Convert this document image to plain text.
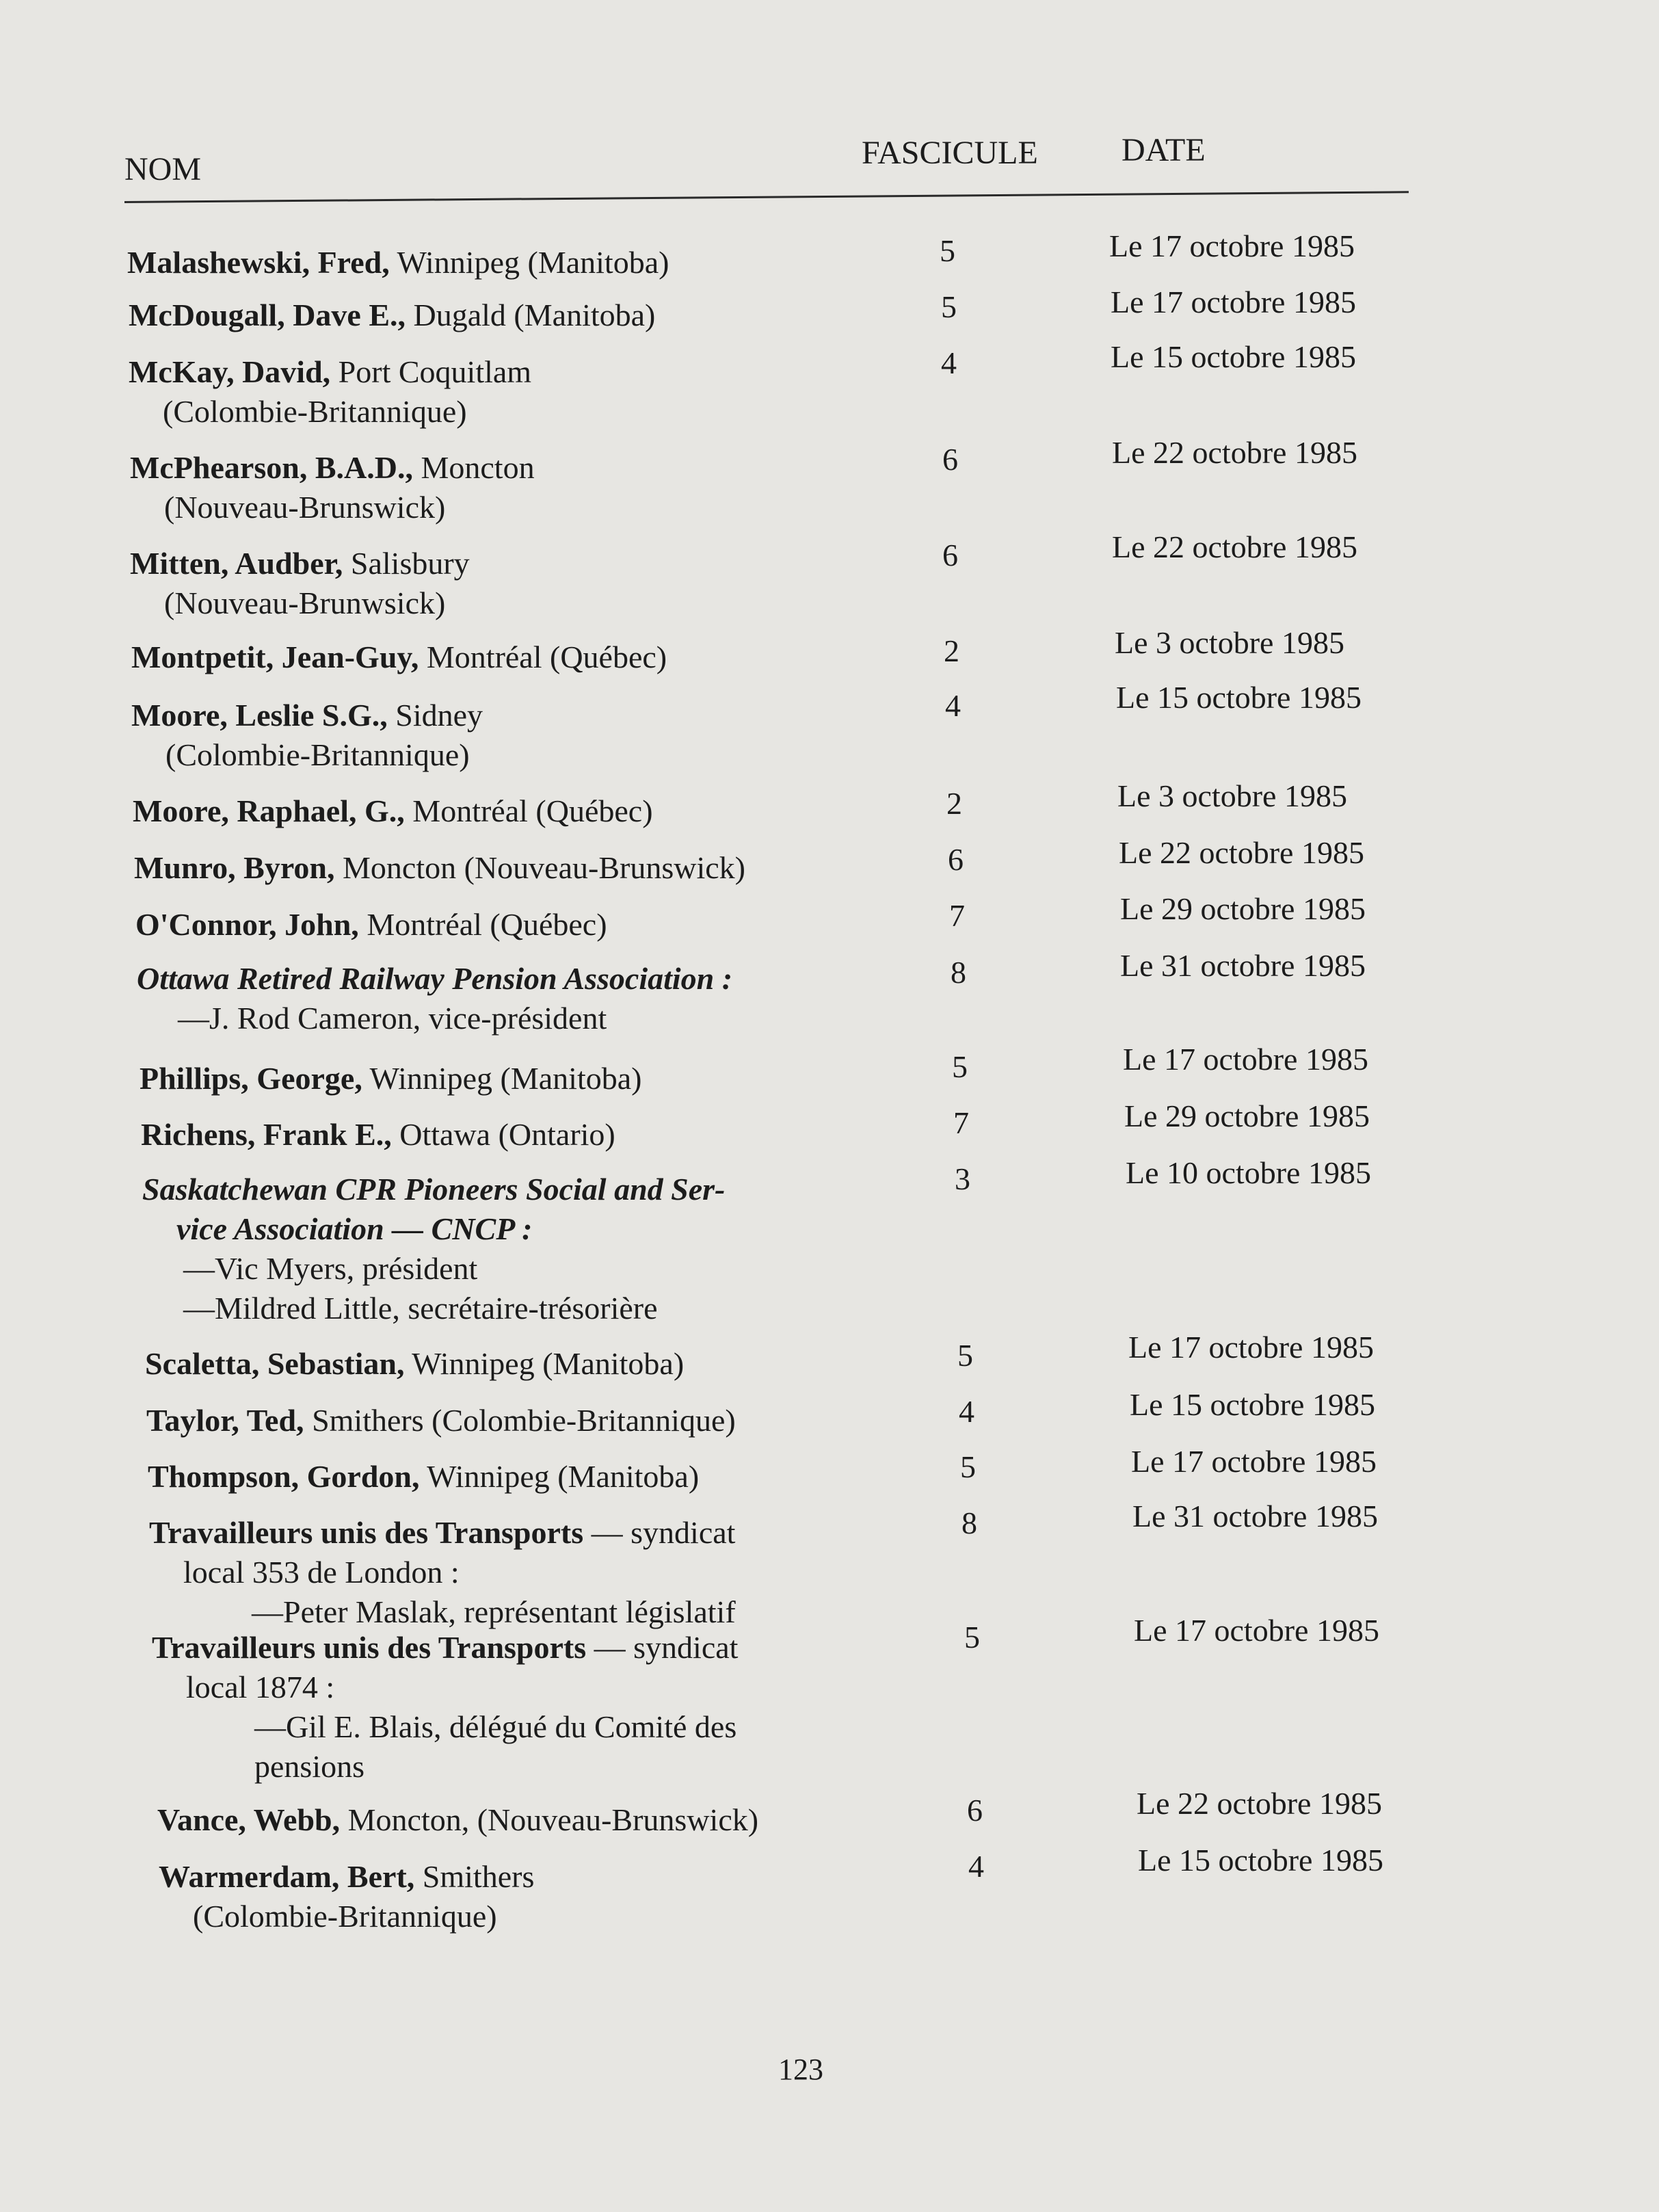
NOM	FASCICULE	DATE
Malashewski, Fred, Winnipeg (Manitoba)	5	Le 17 octobre 1985
McDougall, Dave E., Dugald (Manitoba)	5	Le 17 octobre 1985
McKay, David, Port Coquitlam
(Colombie-Britannique)
4	Le 15 octobre 1985
McPhearson, B.A.D., Moncton
(Nouveau-Brunswick)
6	Le 22 octobre 1985
Mitten, Audber, Salisbury
(Nouveau-Brunwsick)
6	Le 22 octobre 1985
Montpetit, Jean-Guy, Montréal (Québec)	2	Le 3 octobre 1985
Moore, Leslie S.G., Sidney
(Colombie-Britannique)
4	Le 15 octobre 1985
Moore, Raphael, G., Montréal (Québec)	2	Le 3 octobre 1985
Munro, Byron, Moncton (Nouveau-Brunswick)	6	Le 22 octobre 1985
O'Connor, John, Montréal (Québec)	7	Le 29 octobre 1985
Ottawa Retired Railway Pension Association :
—J. Rod Cameron, vice-président
8	Le 31 octobre 1985
Phillips, George, Winnipeg (Manitoba)	5	Le 17 octobre 1985
Richens, Frank E., Ottawa (Ontario)	7	Le 29 octobre 1985
Saskatchewan CPR Pioneers Social and Ser-
vice Association — CNCP :
—Vic Myers, président
—Mildred Little, secrétaire-trésorière
3	Le 10 octobre 1985
Scaletta, Sebastian, Winnipeg (Manitoba)	5	Le 17 octobre 1985
Taylor, Ted, Smithers (Colombie-Britannique)	4	Le 15 octobre 1985
Thompson, Gordon, Winnipeg (Manitoba)	5	Le 17 octobre 1985
Travailleurs unis des Transports — syndicat
local 353 de London :
—Peter Maslak, représentant législatif
8	Le 31 octobre 1985
Travailleurs unis des Transports — syndicat
local 1874 :
—Gil E. Blais, délégué du Comité des
pensions
5	Le 17 octobre 1985
Vance, Webb, Moncton, (Nouveau-Brunswick)	6	Le 22 octobre 1985
Warmerdam, Bert, Smithers
(Colombie-Britannique)
4	Le 15 octobre 1985
123
